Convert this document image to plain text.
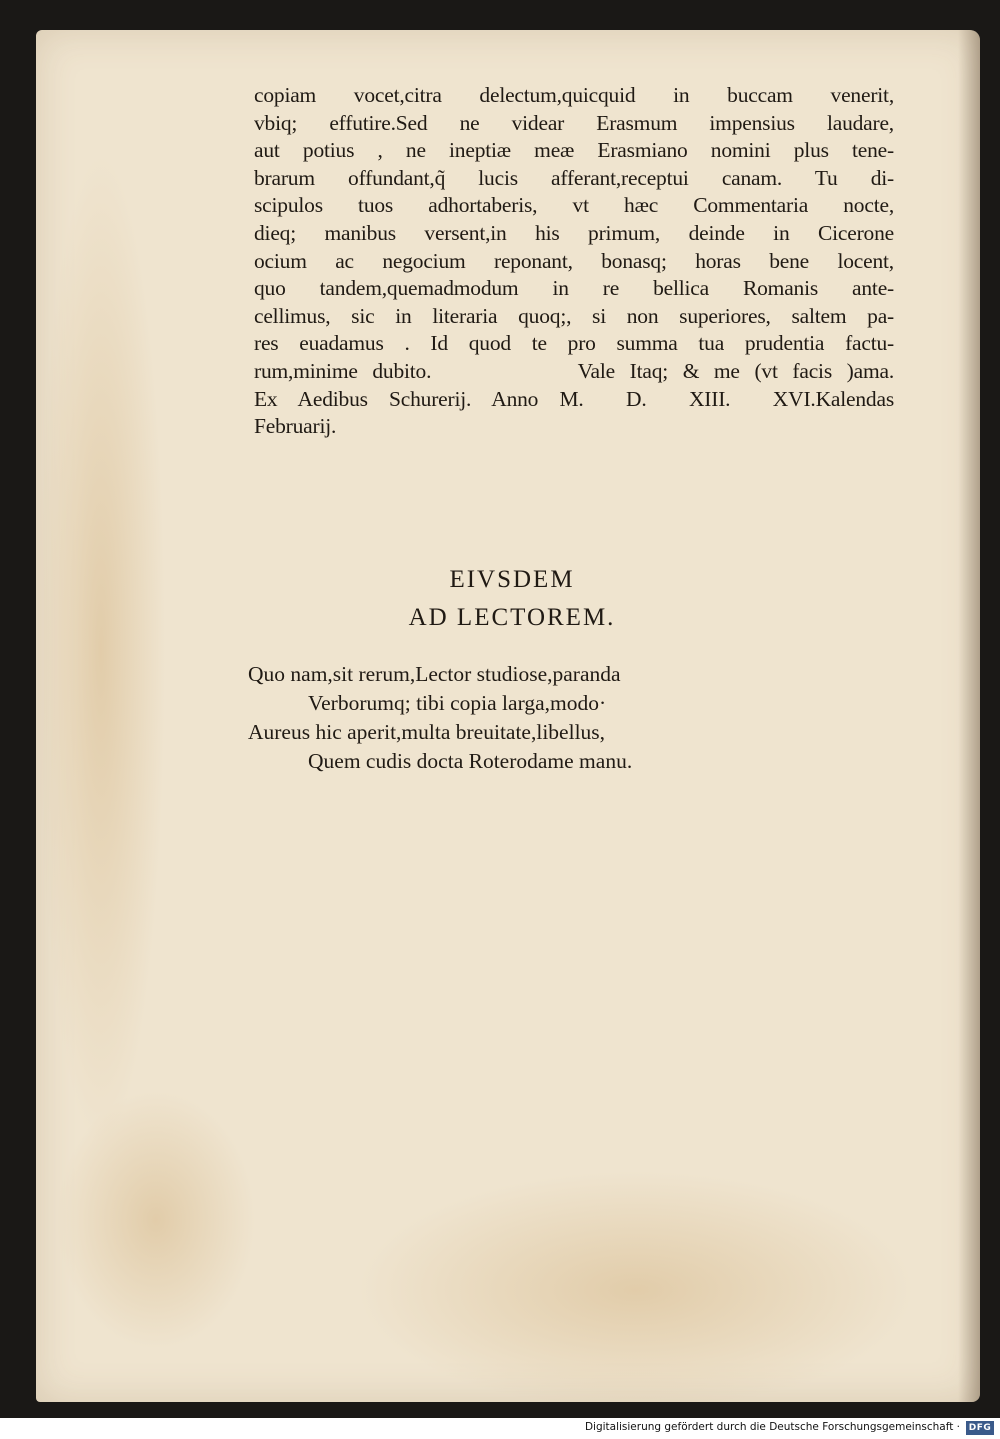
copiam vocet,citra delectum,quicquid in buccam venerit,
vbiq; effutire.Sed ne videar Erasmum impensius laudare,
aut potius , ne ineptiæ meæ Erasmiano nomini plus tene-
brarum offundant,q̃ lucis afferant,receptui canam. Tu di-
scipulos tuos adhortaberis, vt hæc Commentaria nocte,
dieq; manibus versent,in his primum, deinde in Cicerone
ocium ac negocium reponant, bonasq; horas bene locent,
quo tandem,quemadmodum in re bellica Romanis ante-
cellimus, sic in literaria quoq;, si non superiores, saltem pa-
res euadamus . Id quod te pro summa tua prudentia factu-
rum,minime dubito.          Vale Itaq; & me (vt facis )ama.
Ex Aedibus Schurerij. Anno M.  D.  XIII.  XVI.Kalendas
Februarij.
EIVSDEM
AD LECTOREM.
Quo nam,sit rerum,Lector studiose,paranda
Verborumq; tibi copia larga,modo·
Aureus hic aperit,multa breuitate,libellus,
Quem cudis docta Roterodame manu.
Digitalisierung gefördert durch die Deutsche Forschungsgemeinschaft · DFG
